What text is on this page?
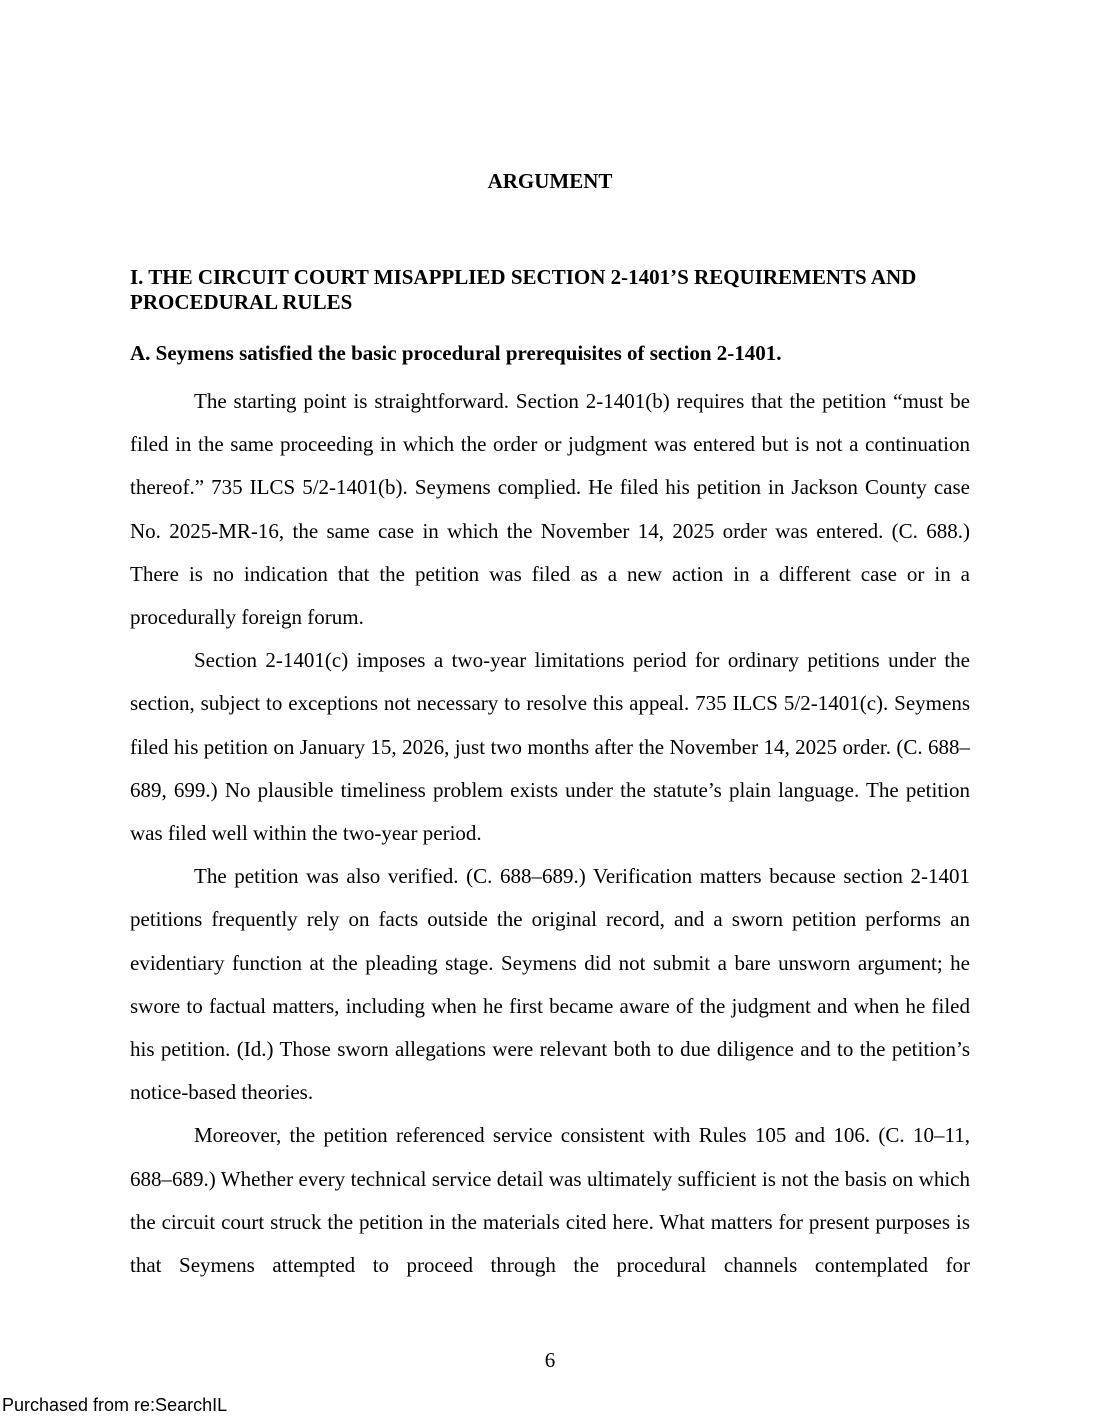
ARGUMENT
I. THE CIRCUIT COURT MISAPPLIED SECTION 2-1401’S REQUIREMENTS AND PROCEDURAL RULES
A. Seymens satisfied the basic procedural prerequisites of section 2-1401.

The starting point is straightforward. Section 2-1401(b) requires that the petition “must be filed in the same proceeding in which the order or judgment was entered but is not a continuation thereof.” 735 ILCS 5/2-1401(b). Seymens complied. He filed his petition in Jackson County case No. 2025-MR-16, the same case in which the November 14, 2025 order was entered. (C. 688.) There is no indication that the petition was filed as a new action in a different case or in a procedurally foreign forum.

Section 2-1401(c) imposes a two-year limitations period for ordinary petitions under the section, subject to exceptions not necessary to resolve this appeal. 735 ILCS 5/2-1401(c). Seymens filed his petition on January 15, 2026, just two months after the November 14, 2025 order. (C. 688–689, 699.) No plausible timeliness problem exists under the statute’s plain language. The petition was filed well within the two-year period.

The petition was also verified. (C. 688–689.) Verification matters because section 2-1401 petitions frequently rely on facts outside the original record, and a sworn petition performs an evidentiary function at the pleading stage. Seymens did not submit a bare unsworn argument; he swore to factual matters, including when he first became aware of the judgment and when he filed his petition. (Id.) Those sworn allegations were relevant both to due diligence and to the petition’s notice-based theories.

Moreover, the petition referenced service consistent with Rules 105 and 106. (C. 10–11, 688–689.) Whether every technical service detail was ultimately sufficient is not the basis on which the circuit court struck the petition in the materials cited here. What matters for present purposes is that Seymens attempted to proceed through the procedural channels contemplated for

6
Purchased from re:SearchIL
